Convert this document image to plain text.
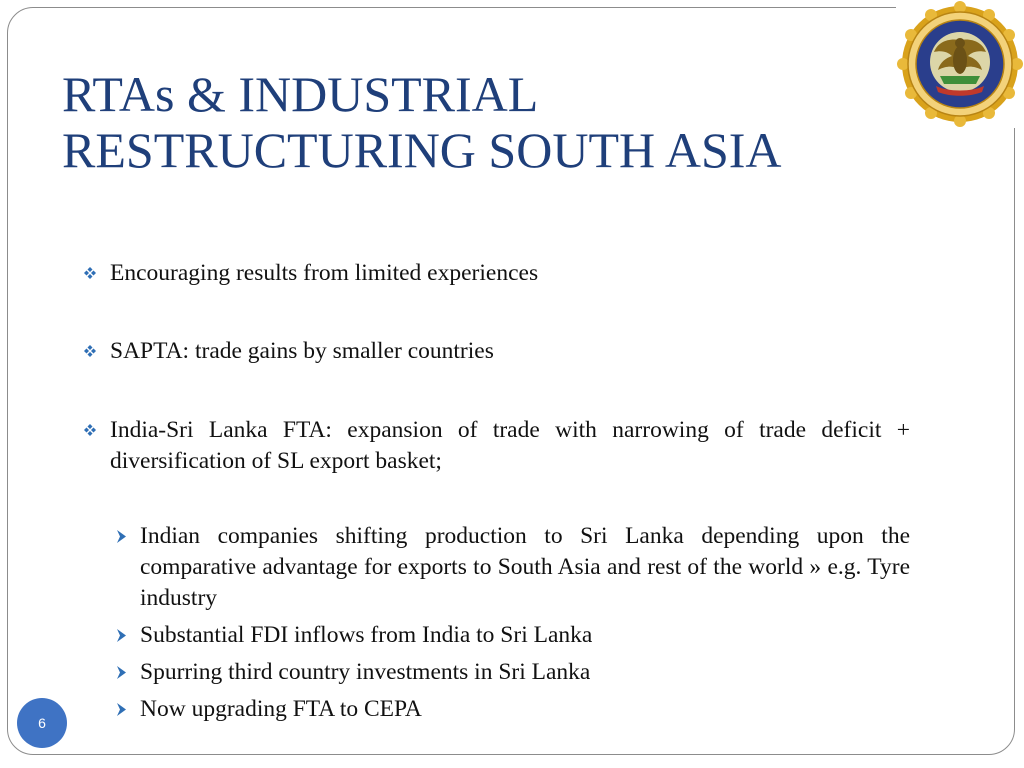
RTAs & INDUSTRIAL
RESTRUCTURING SOUTH ASIA
Encouraging results from limited experiences
SAPTA: trade gains by smaller countries
India-Sri Lanka FTA: expansion of trade with narrowing of trade deficit + diversification of SL export basket;
Indian companies shifting production to Sri Lanka depending upon the comparative advantage for exports to South Asia and rest of the world » e.g. Tyre industry
Substantial FDI inflows from India to Sri Lanka
Spurring third country investments in Sri Lanka
Now upgrading FTA to CEPA
6
